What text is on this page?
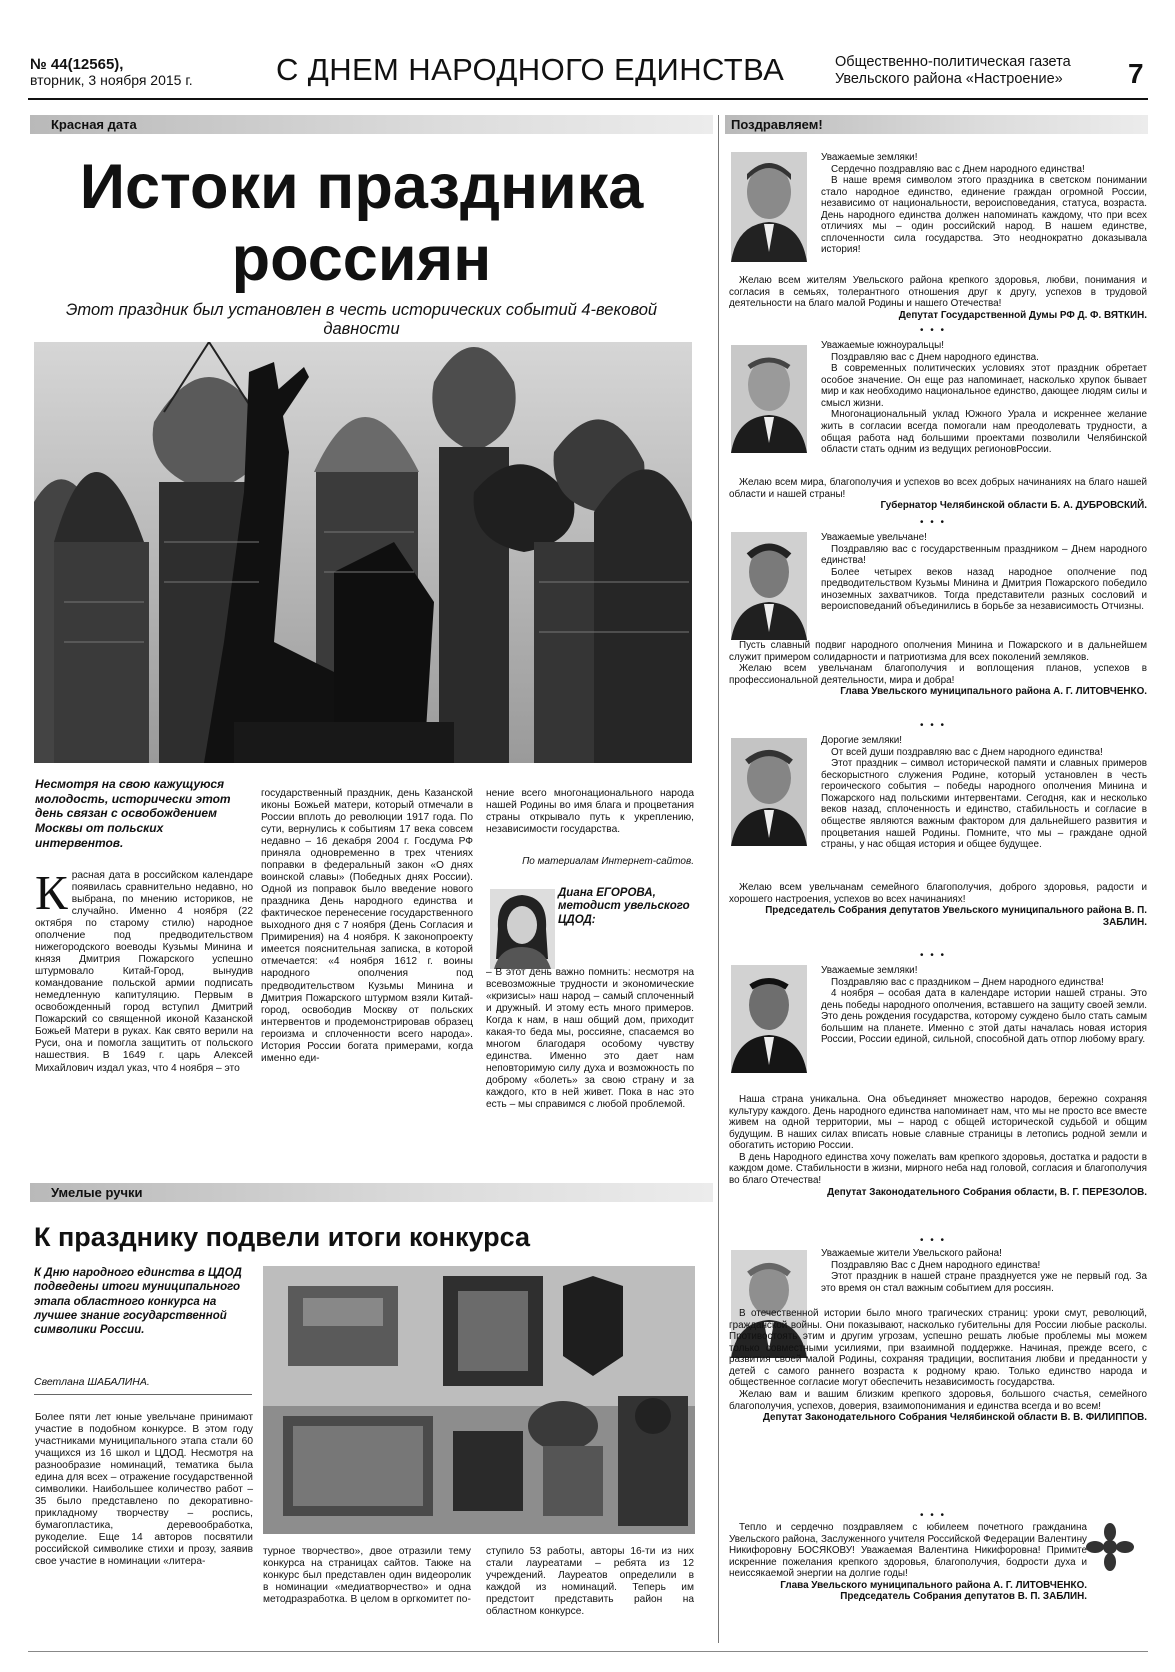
№ 44(12565),
вторник, 3 ноября 2015 г.	С ДНЕМ НАРОДНОГО ЕДИНСТВА	Общественно-политическая газета
Увельского района «Настроение» 7
Красная дата	Поздравляем!
Истоки праздника
россиян
Этот праздник был установлен в честь исторических событий 4-вековой давности
Несмотря на свою кажущуюся молодость, исторически этот день связан с освобождением Москвы от польских интервентов.
Красная дата в российском календаре появилась сравнительно недавно, но выбрана, по мнению историков, не случайно. Именно 4 ноября (22 октября по старому стилю) народное ополчение под предводительством нижегородского воеводы Кузьмы Минина и князя Дмитрия Пожарского успешно штурмовало Китай-Город, вынудив командование польской армии подписать немедленную капитуляцию. Первым в освобожденный город вступил Дмитрий Пожарский со священной иконой Казанской Божьей Матери в руках. Как свято верили на Руси, она и помогла защитить от польского нашествия. В 1649 г. царь Алексей Михайлович издал указ, что 4 ноября – это
государственный праздник, день Казанской иконы Божьей матери, который отмечали в России вплоть до революции 1917 года. По сути, вернулись к событиям 17 века совсем недавно – 16 декабря 2004 г. Госдума РФ приняла одновременно в трех чтениях поправки в федеральный закон «О днях воинской славы» (Победных днях России). Одной из поправок было введение нового праздника День народного единства и фактическое перенесение государственного выходного дня с 7 ноября (День Согласия и Примирения) на 4 ноября. К законопроекту имеется пояснительная записка, в которой отмечается: «4 ноября 1612 г. воины народного ополчения под предводительством Кузьмы Минина и Дмитрия Пожарского штурмом взяли Китай-город, освободив Москву от польских интервентов и продемонстрировав образец героизма и сплоченности всего народа». История России богата примерами, когда именно еди-
нение всего многонационального народа нашей Родины во имя блага и процветания страны открывало путь к укреплению, независимости государства.
По материалам Интернет-сайтов.
Диана ЕГОРОВА,
методист увельского ЦДОД:
– В этот день важно помнить: несмотря на всевозможные трудности и экономические «кризисы» наш народ – самый сплоченный и дружный. И этому есть много примеров. Когда к нам, в наш общий дом, приходит какая-то беда мы, россияне, спасаемся во многом благодаря особому чувству единства. Именно это дает нам неповторимую силу духа и возможность по доброму «болеть» за свою страну и за каждого, кто в ней живет. Пока в нас это есть – мы справимся с любой проблемой.
Умелые ручки
К празднику подвели итоги конкурса
К Дню народного единства в ЦДОД подведены итоги муниципального этапа областного конкурса на лучшее знание государственной символики России.
Светлана ШАБАЛИНА.
Более пяти лет юные увельчане принимают участие в подобном конкурсе. В этом году участниками муниципального этапа стали 60 учащихся из 16 школ и ЦДОД. Несмотря на разнообразие номинаций, тематика была едина для всех – отражение государственной символики. Наибольшее количество работ – 35 было представлено по декоративно-прикладному творчеству – роспись, бумагопластика, деревообработка, рукоделие. Еще 14 авторов посвятили российской символике стихи и прозу, заявив свое участие в номинации «литера-
турное творчество», двое отразили тему конкурса на страницах сайтов. Также на конкурс был представлен один видеоролик в номинации «медиатворчество» и одна методразработка. В целом в оргкомитет по-
ступило 53 работы, авторы 16-ти из них стали лауреатами – ребята из 12 учреждений. Лауреатов определили в каждой из номинаций. Теперь им предстоит представить район на областном конкурсе.

Уважаемые земляки!

Сердечно поздравляю вас с Днем народного единства!

В наше время символом этого праздника в светском понимании стало народное единство, единение граждан огромной России, независимо от национальности, вероисповедания, статуса, возраста. День народного единства должен напоминать каждому, что при всех отличиях мы – один российский народ. В нашем единстве, сплоченности сила государства. Это неоднократно доказывала история!

Желаю всем жителям Увельского района крепкого здоровья, любви, понимания и согласия в семьях, толерантного отношения друг к другу, успехов в трудовой деятельности на благо малой Родины и нашего Отечества!

Депутат Государственной Думы РФ Д. Ф. ВЯТКИН.

• • •

Уважаемые южноуральцы!

Поздравляю вас с Днем народного единства.

В современных политических условиях этот праздник обретает особое значение. Он еще раз напоминает, насколько хрупок бывает мир и как необходимо национальное единство, дающее людям силы и смысл жизни.

Многонациональный уклад Южного Урала и искреннее желание жить в согласии всегда помогали нам преодолевать трудности, а общая работа над большими проектами позволили Челябинской области стать одним из ведущих регионовРоссии.

Желаю всем мира, благополучия и успехов во всех добрых начинаниях на благо нашей области и нашей страны!

Губернатор Челябинской области Б. А. ДУБРОВСКИЙ.

• • •

Уважаемые увельчане!

Поздравляю вас с государственным праздником – Днем народного единства!

Более четырех веков назад народное ополчение под предводительством Кузьмы Минина и Дмитрия Пожарского победило иноземных захватчиков. Тогда представители разных сословий и вероисповеданий объединились в борьбе за независимость Отчизны.

Пусть славный подвиг народного ополчения Минина и Пожарского и в дальнейшем служит примером солидарности и патриотизма для всех поколений земляков.

Желаю всем увельчанам благополучия и воплощения планов, успехов в профессиональной деятельности, мира и добра!

Глава Увельского муниципального района А. Г. ЛИТОВЧЕНКО.

• • •

Дорогие земляки!

От всей души поздравляю вас с Днем народного единства!

Этот праздник – символ исторической памяти и славных примеров бескорыстного служения Родине, который установлен в честь героического события – победы народного ополчения Минина и Пожарского над польскими интервентами. Сегодня, как и несколько веков назад, сплоченность и единство, стабильность и согласие в обществе являются важным фактором для дальнейшего развития и процветания нашей Родины. Помните, что мы – граждане одной страны, у нас общая история и общее будущее.

Желаю всем увельчанам семейного благополучия, доброго здоровья, радости и хорошего настроения, успехов во всех начинаниях!

Председатель Собрания депутатов Увельского муниципального района В. П. ЗАБЛИН.

• • •

Уважаемые земляки!

Поздравляю вас с праздником – Днем народного единства!

4 ноября – особая дата в календаре истории нашей страны. Это день победы народного ополчения, вставшего на защиту своей земли. Это день рождения государства, которому суждено было стать самым большим на планете. Именно с этой даты началась новая история России, России единой, сильной, способной дать отпор любому врагу.

Наша страна уникальна. Она объединяет множество народов, бережно сохраняя культуру каждого. День народного единства напоминает нам, что мы не просто все вместе живем на одной территории, мы – народ с общей исторической судьбой и общим будущим. В наших силах вписать новые славные страницы в летопись родной земли и обогатить историю России.

В день Народного единства хочу пожелать вам крепкого здоровья, достатка и радости в каждом доме. Стабильности в жизни, мирного неба над головой, согласия и благополучия во благо Отечества!

Депутат Законодательного Собрания области, В. Г. ПЕРЕЗОЛОВ.

• • •

Уважаемые жители Увельского района!

Поздравляю Вас с Днем народного единства!

Этот праздник в нашей стране празднуется уже не первый год. За это время он стал важным событием для россиян.

В отечественной истории было много трагических страниц: уроки смут, революций, гражданской войны. Они показывают, насколько губительны для России любые расколы. Противостоять этим и другим угрозам, успешно решать любые проблемы мы можем только совместными усилиями, при взаимной поддержке. Начиная, прежде всего, с развития своей малой Родины, сохраняя традиции, воспитания любви и преданности у детей с самого раннего возраста к родному краю. Только единство народа и общественное согласие могут обеспечить независимость государства.

Желаю вам и вашим близким крепкого здоровья, большого счастья, семейного благополучия, успехов, доверия, взаимопонимания и единства всегда и во всем!

Депутат Законодательного Собрания Челябинской области В. В. ФИЛИППОВ.

• • •

Тепло и сердечно поздравляем с юбилеем почетного гражданина Увельского района, Заслуженного учителя Российской Федерации Валентину Никифоровну БОСЯКОВУ! Уважаемая Валентина Никифоровна! Примите искренние пожелания крепкого здоровья, благополучия, бодрости духа и неиссякаемой энергии на долгие годы!

Глава Увельского муниципального района А. Г. ЛИТОВЧЕНКО.

Председатель Собрания депутатов В. П. ЗАБЛИН.
